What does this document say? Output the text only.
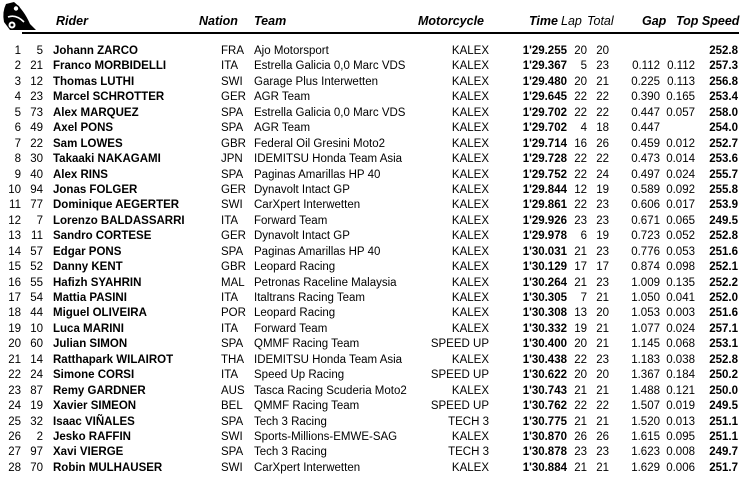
Rider	Nation Team	Motorcycle	Time Lap Total Gap Top Speed
1	5 Johann ZARCO	FRA Ajo Motorsport	KALEX	1'29.255 20 20	252.8
2 21 Franco MORBIDELLI	ITA Estrella Galicia 0,0 Marc VDS	KALEX	1'29.367	5 23	0.112 0.112	257.3
3 12 Thomas LUTHI	SWI Garage Plus Interwetten	KALEX	1'29.480 20 21	0.225 0.113	256.8
4 23 Marcel SCHROTTER	GER AGR Team	KALEX	1'29.645 22 22	0.390 0.165	253.4
5 73 Alex MARQUEZ	SPA Estrella Galicia 0,0 Marc VDS	KALEX	1'29.702 22 22	0.447 0.057	258.0
6 49 Axel PONS	SPA AGR Team	KALEX	1'29.702	4 18	0.447	254.0
7 22 Sam LOWES	GBR Federal Oil Gresini Moto2	KALEX	1'29.714 16 26	0.459 0.012	252.7
8 30 Takaaki NAKAGAMI	JPN IDEMITSU Honda Team Asia	KALEX	1'29.728 22 22	0.473 0.014	253.6
9 40 Alex RINS	SPA Paginas Amarillas HP 40	KALEX	1'29.752 22 24	0.497 0.024	255.7
10 94 Jonas FOLGER	GER Dynavolt Intact GP	KALEX	1'29.844 12 19	0.589 0.092	255.8
11 77 Dominique AEGERTER	SWI CarXpert Interwetten	KALEX	1'29.861 22 23	0.606 0.017	253.9
12	7 Lorenzo BALDASSARRI	ITA Forward Team	KALEX	1'29.926 23 23	0.671 0.065	249.5
13 11 Sandro CORTESE	GER Dynavolt Intact GP	KALEX	1'29.978	6 19	0.723 0.052	252.8
14 57 Edgar PONS	SPA Paginas Amarillas HP 40	KALEX	1'30.031 21 23	0.776 0.053	251.6
15 52 Danny KENT	GBR Leopard Racing	KALEX	1'30.129 17 17	0.874 0.098	252.1
16 55 Hafizh SYAHRIN	MAL Petronas Raceline Malaysia	KALEX	1'30.264 21 23	1.009 0.135	252.2
17 54 Mattia PASINI	ITA Italtrans Racing Team	KALEX	1'30.305	7 21	1.050 0.041	252.0
18 44 Miguel OLIVEIRA	POR Leopard Racing	KALEX	1'30.308 13 20	1.053 0.003	251.6
19 10 Luca MARINI	ITA Forward Team	KALEX	1'30.332 19 21	1.077 0.024	257.1
20 60 Julian SIMON	SPA QMMF Racing Team	SPEED UP	1'30.400 20 21	1.145 0.068	253.1
21 14 Ratthapark WILAIROT	THA IDEMITSU Honda Team Asia	KALEX	1'30.438 22 23	1.183 0.038	252.8
22 24 Simone CORSI	ITA Speed Up Racing	SPEED UP	1'30.622 20 20	1.367 0.184	250.2
23 87 Remy GARDNER	AUS Tasca Racing Scuderia Moto2	KALEX	1'30.743 21 21	1.488 0.121	250.0
24 19 Xavier SIMEON	BEL QMMF Racing Team	SPEED UP	1'30.762 22 22	1.507 0.019	249.5
25 32 Isaac VIÑALES	SPA Tech 3 Racing	TECH 3	1'30.775 21 21	1.520 0.013	251.1
26	2 Jesko RAFFIN	SWI Sports-Millions-EMWE-SAG	KALEX	1'30.870 26 26	1.615 0.095	251.1
27 97 Xavi VIERGE	SPA Tech 3 Racing	TECH 3	1'30.878 23 23	1.623 0.008	249.7
28 70 Robin MULHAUSER	SWI CarXpert Interwetten	KALEX	1'30.884 21 21	1.629 0.006	251.7
